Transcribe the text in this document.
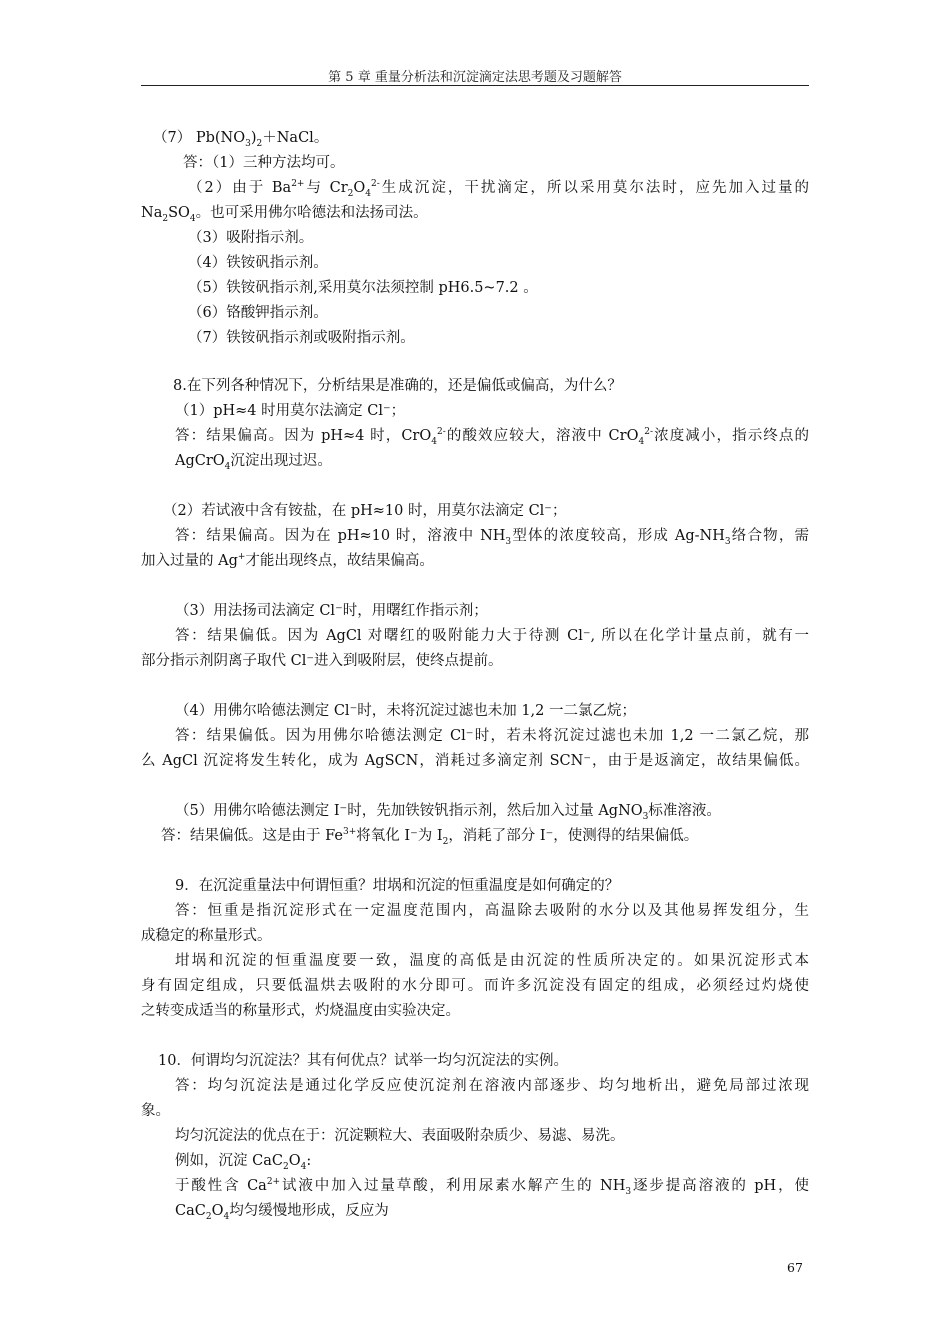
第 5 章 重量分析法和沉淀滴定法思考题及习题解答
（7） $Pb(NO_3)_2+NaCl$。
答：（1）三种方法均可。
（2）由于 $Ba^{2+}$与 $Cr_2O_4^{2-}$生成沉淀，干扰滴定，所以采用莫尔法时，应先加入过量的
$Na_2SO_4$。也可采用佛尔哈德法和法扬司法。
（3）吸附指示剂。
（4）铁铵矾指示剂。
（5）铁铵矾指示剂,采用莫尔法须控制 pH6.5~7.2 。
（6）铬酸钾指示剂。
（7）铁铵矾指示剂或吸附指示剂。
8.在下列各种情况下，分析结果是准确的，还是偏低或偏高，为什么？
（1）pH≈4 时用莫尔法滴定 Cl⁻；
答：结果偏高。因为 pH≈4 时，CrO$_4^{2-}$的酸效应较大，溶液中 CrO$_4^{2-}$浓度减小，指示终点的
AgCrO$_4$沉淀出现过迟。
（2）若试液中含有铵盐，在 pH≈10 时，用莫尔法滴定 Cl⁻；
答：结果偏高。因为在 pH≈10 时，溶液中 $NH_3$型体的浓度较高，形成 $Ag-NH_3$络合物，需
加入过量的 Ag+才能出现终点，故结果偏高。
（3）用法扬司法滴定 Cl⁻时，用曙红作指示剂；
答：结果偏低。因为 AgCl 对曙红的吸附能力大于待测 Cl⁻, 所以在化学计量点前，就有一
部分指示剂阴离子取代 Cl⁻进入到吸附层，使终点提前。
（4）用佛尔哈德法测定 Cl⁻时，未将沉淀过滤也未加 1,2 一二氯乙烷；
答：结果偏低。因为用佛尔哈德法测定 Cl⁻时，若未将沉淀过滤也未加 1,2 一二氯乙烷，那
么 AgCl 沉淀将发生转化，成为 AgSCN，消耗过多滴定剂 SCN⁻，由于是返滴定，故结果偏低。
（5）用佛尔哈德法测定 I⁻时，先加铁铵钒指示剂，然后加入过量 AgNO$_3$标准溶液。
答：结果偏低。这是由于 $Fe^{3+}$将氧化 I⁻为 $I_2$，消耗了部分 I⁻，使测得的结果偏低。
9．在沉淀重量法中何谓恒重？坩埚和沉淀的恒重温度是如何确定的？
答：恒重是指沉淀形式在一定温度范围内，高温除去吸附的水分以及其他易挥发组分，生
成稳定的称量形式。
坩埚和沉淀的恒重温度要一致，温度的高低是由沉淀的性质所决定的。如果沉淀形式本
身有固定组成，只要低温烘去吸附的水分即可。而许多沉淀没有固定的组成，必须经过灼烧使
之转变成适当的称量形式，灼烧温度由实验决定。
10．何谓均匀沉淀法？其有何优点？试举一均匀沉淀法的实例。
答：均匀沉淀法是通过化学反应使沉淀剂在溶液内部逐步、均匀地析出，避免局部过浓现
象。
均匀沉淀法的优点在于：沉淀颗粒大、表面吸附杂质少、易滤、易洗。
例如，沉淀 $CaC_2O_4$:
于酸性含 $Ca^{2+}$试液中加入过量草酸，利用尿素水解产生的 $NH_3$逐步提高溶液的 pH，使
$CaC_2O_4$均匀缓慢地形成，反应为
67
